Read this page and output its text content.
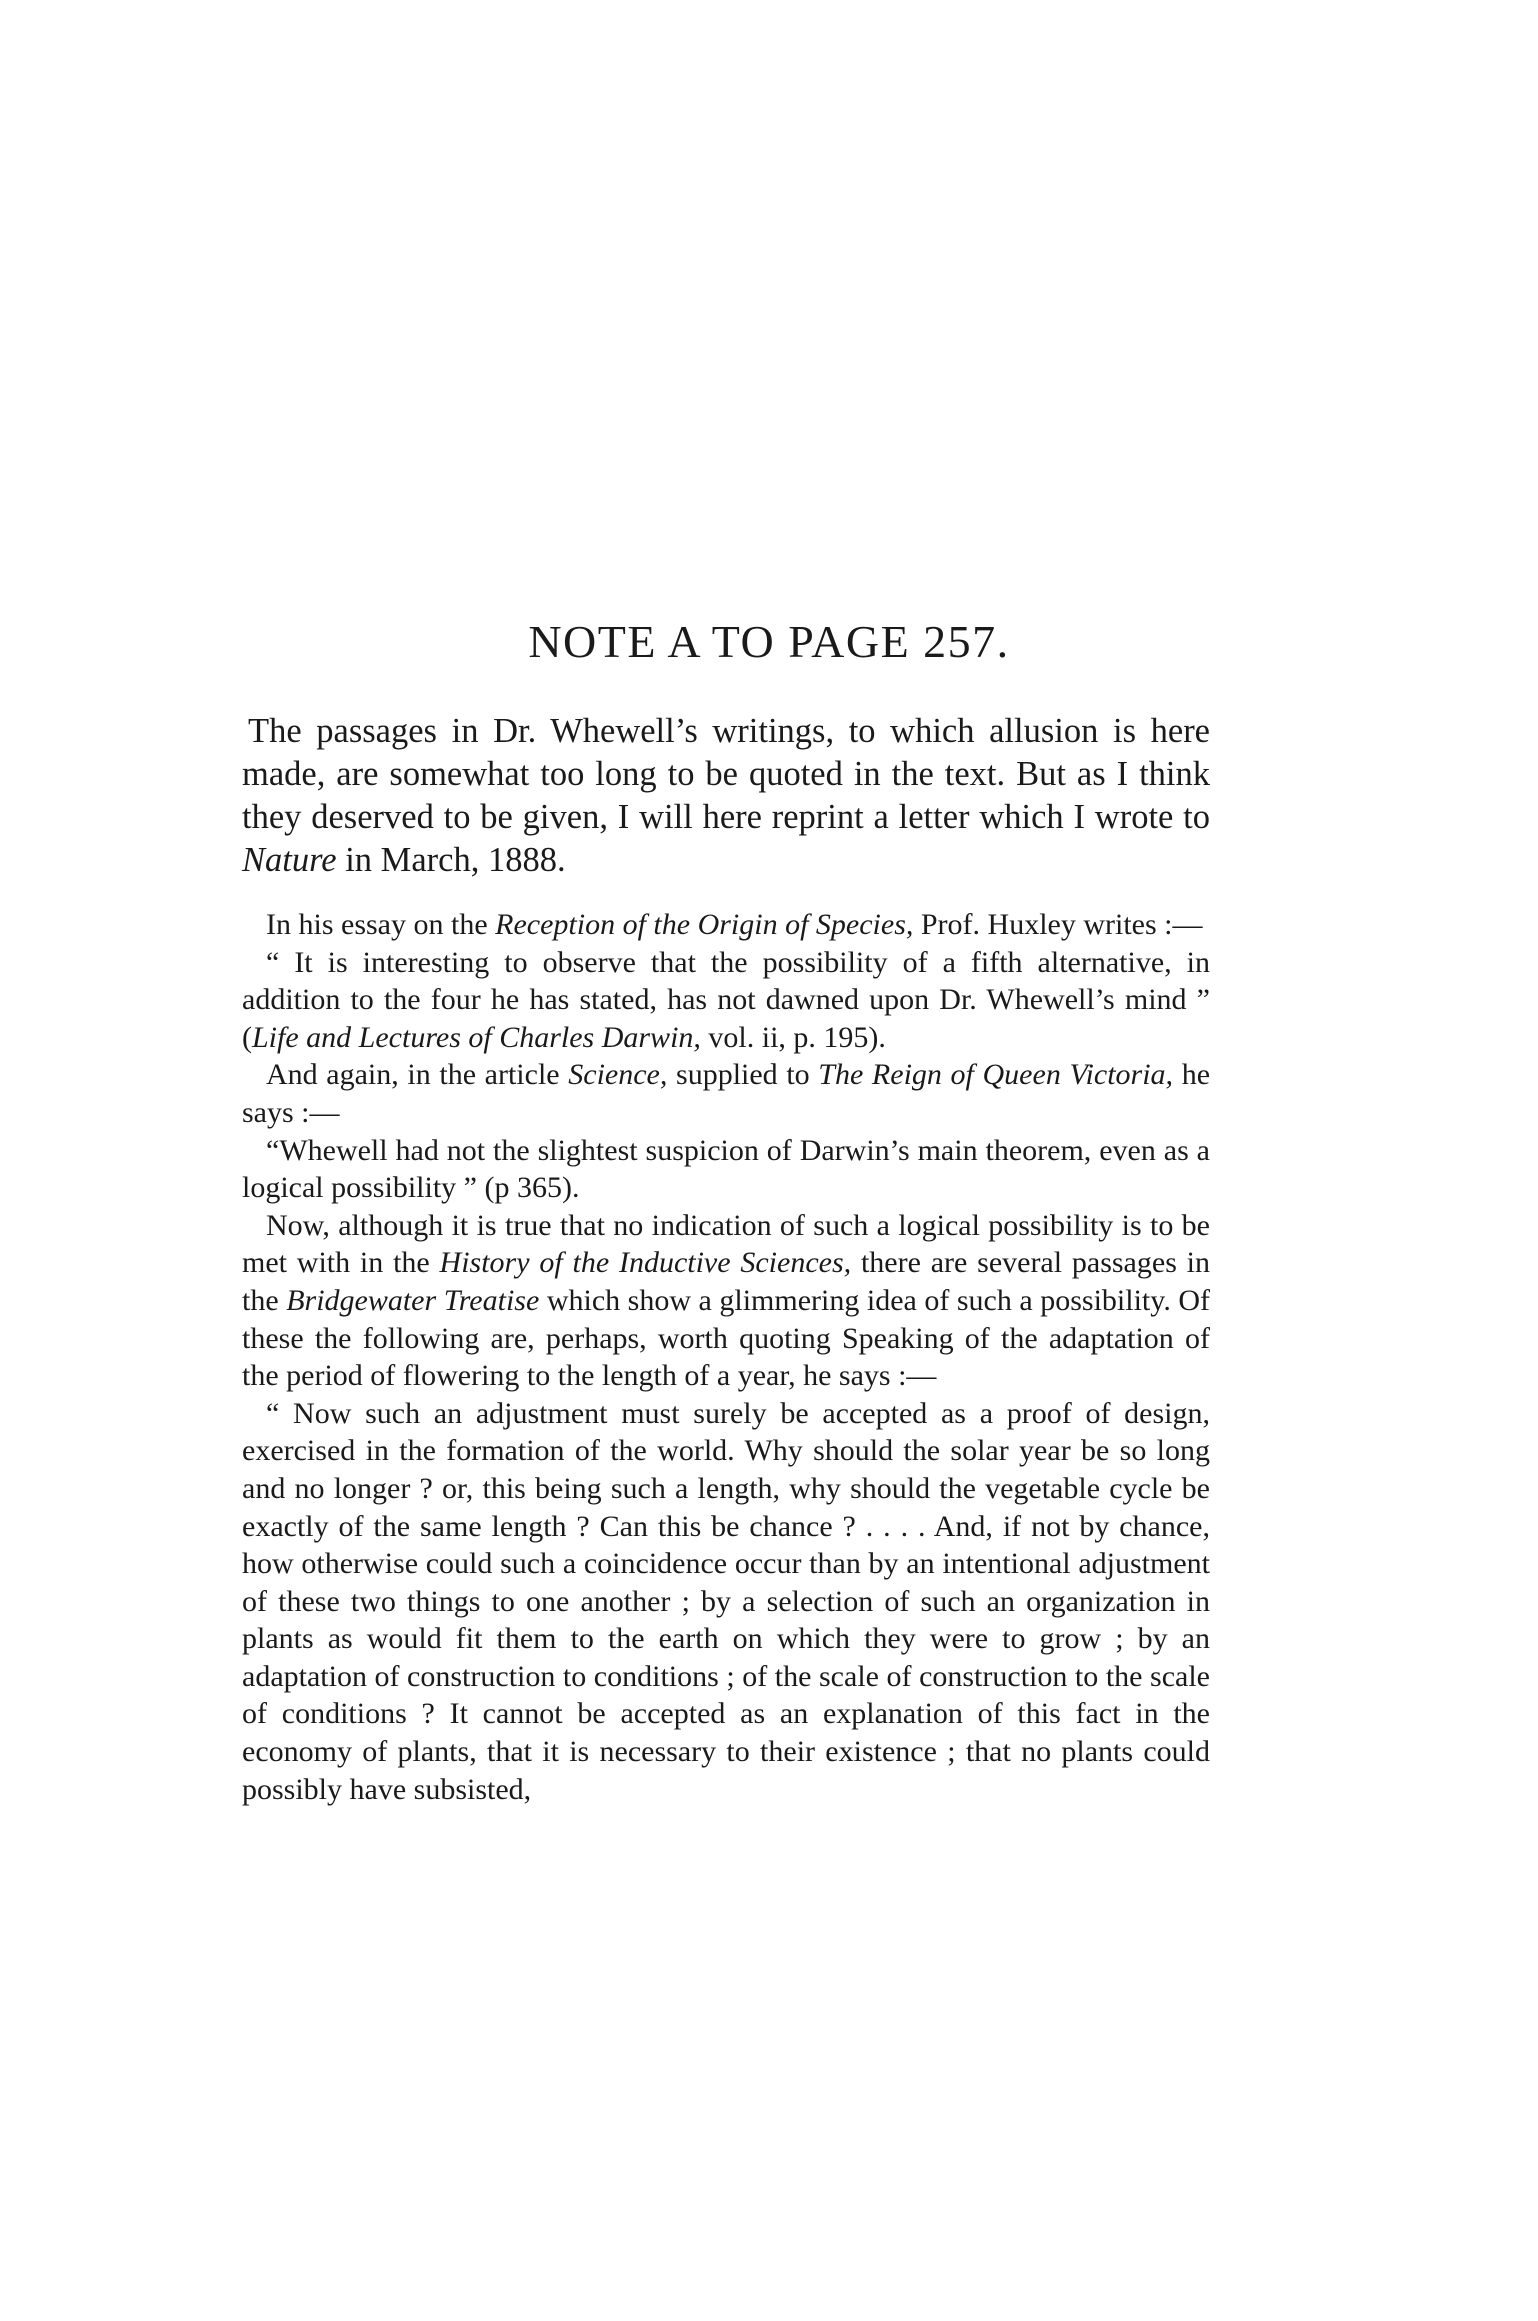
NOTE A TO PAGE 257.

The passages in Dr. Whewell’s writings, to which allusion is here made, are somewhat too long to be quoted in the text. But as I think they deserved to be given, I will here reprint a letter which I wrote to Nature in March, 1888.

In his essay on the Reception of the Origin of Species, Prof. Huxley writes :—

“ It is interesting to observe that the possibility of a fifth alternative, in addition to the four he has stated, has not dawned upon Dr. Whewell’s mind ” (Life and Lectures of Charles Darwin, vol. ii, p. 195).

And again, in the article Science, supplied to The Reign of Queen Victoria, he says :—

“Whewell had not the slightest suspicion of Darwin’s main theorem, even as a logical possibility ” (p 365).

Now, although it is true that no indication of such a logical possibility is to be met with in the History of the Inductive Sciences, there are several passages in the Bridgewater Treatise which show a glimmering idea of such a possibility. Of these the following are, perhaps, worth quoting Speaking of the adaptation of the period of flowering to the length of a year, he says :—

“ Now such an adjustment must surely be accepted as a proof of design, exercised in the formation of the world. Why should the solar year be so long and no longer ? or, this being such a length, why should the vegetable cycle be exactly of the same length ? Can this be chance ? . . . . And, if not by chance, how otherwise could such a coincidence occur than by an intentional adjustment of these two things to one another ; by a selection of such an organization in plants as would fit them to the earth on which they were to grow ; by an adaptation of construction to conditions ; of the scale of construction to the scale of conditions ? It cannot be accepted as an explanation of this fact in the economy of plants, that it is necessary to their existence ; that no plants could possibly have subsisted,
